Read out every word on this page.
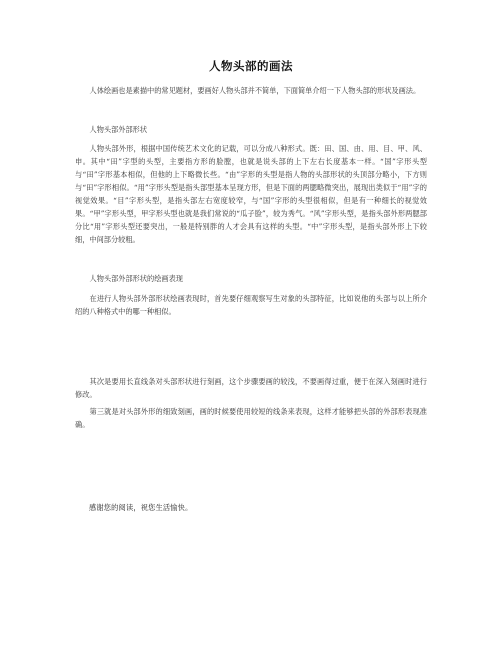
人物头部的画法

人体绘画也是素描中的常见题材，要画好人物头部并不简单，下面简单介绍一下人物头部的形状及画法。

人物头部外部形状

人物头部外形，根据中国传统艺术文化的记载，可以分成八种形式。既：田、国、由、用、目、甲、风、申。其中“田”字型的头型，主要指方形的脸膛，也就是说头部的上下左右长度基本一样。“国”字形头型与“田”字形基本相似，但他的上下略微长些。“由”字形的头型是指人物的头部形状的头顶部分略小，下方则与“田”字形相似。“用”字形头型是指头部型基本呈现方形，但是下面的两腮略微突出，展现出类似于“用”字的视觉效果。“目”字形头型，是指头部左右宽度较窄，与“国”字形的头型很相似，但是有一种细长的视觉效果。“甲”字形头型，甲字形头型也就是我们常说的“瓜子脸”，较为秀气。“风”字形头型，是指头部外形两腮部分比“用”字形头型还要突出，一般是特别胖的人才会具有这样的头型。“中”字形头型，是指头部外形上下较细，中间部分较粗。

人物头部外部形状的绘画表现

在进行人物头部外部形状绘画表现时，首先要仔细观察写生对象的头部特征，比如说他的头部与以上所介绍的八种格式中的哪一种相似。

其次是要用长直线条对头部形状进行刻画，这个步骤要画的较浅，不要画得过重，便于在深入刻画时进行修改。

第三就是对头部外形的细致刻画，画的时候要使用较短的线条来表现，这样才能够把头部的外部形表现准确。

感谢您的阅读，祝您生活愉快。
